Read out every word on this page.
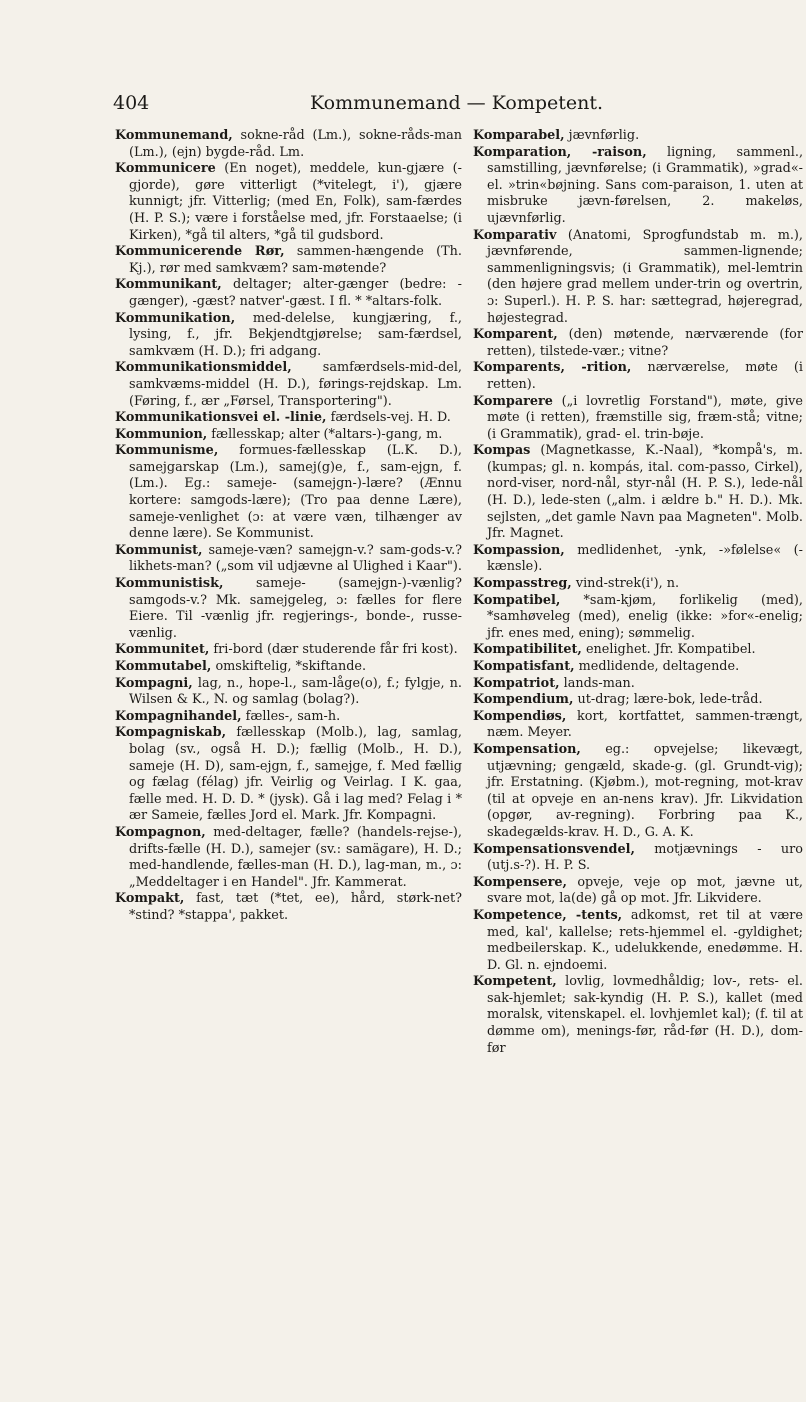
404	Kommunemand — Kompetent.

Kommunemand, sokne-råd (Lm.), sokne-råds-man (Lm.), (ejn) bygde-råd. Lm.

Kommunicere (En noget), meddele, kun-gjære (-gjorde), gøre vitterligt (*vitelegt, i'), gjære kunnigt; jfr. Vitterlig; (med En, Folk), sam-færdes (H. P. S.); være i forståelse med, jfr. Forstaaelse; (i Kirken), *gå til alters, *gå til gudsbord.

Kommunicerende Rør, sammen-hængende (Th. Kj.), rør med samkvæm? sam-møtende?

Kommunikant, deltager; alter-gænger (bedre: -gænger), -gæst? natver'-gæst. I fl. * *altars-folk.

Kommunikation, med-delelse, kungjæring, f., lysing, f., jfr. Bekjendtgjørelse; sam-færdsel, samkvæm (H. D.); fri adgang.

Kommunikationsmiddel, samfærdsels-mid-del, samkvæms-middel (H. D.), førings-rejdskap. Lm. (Føring, f., ær „Førsel, Transportering").

Kommunikationsvei el. -linie, færdsels-vej. H. D.

Kommunion, fællesskap; alter (*altars-)-gang, m.

Kommunisme, formues-fællesskap (L.K. D.), samejgarskap (Lm.), samej(g)e, f., sam-ejgn, f. (Lm.). Eg.: sameje- (samejgn-)-lære? (Ænnu kortere: samgods-lære); (Tro paa denne Lære), sameje-venlighet (ɔ: at være væn, tilhænger av denne lære). Se Kommunist.

Kommunist, sameje-væn? samejgn-v.? sam-gods-v.? likhets-man? („som vil udjævne al Ulighed i Kaar").

Kommunistisk, sameje- (samejgn-)-vænlig? samgods-v.? Mk. samejgeleg, ɔ: fælles for flere Eiere. Til -vænlig jfr. regjerings-, bonde-, russe-vænlig.

Kommunitet, fri-bord (dær studerende får fri kost).

Kommutabel, omskiftelig, *skiftande.

Kompagni, lag, n., hope-l., sam-låge(o), f.; fylgje, n. Wilsen & K., N. og samlag (bolag?).

Kompagnihandel, fælles-, sam-h.

Kompagniskab, fællesskap (Molb.), lag, samlag, bolag (sv., også H. D.); fællig (Molb., H. D.), sameje (H. D), sam-ejgn, f., samejge, f. Med fællig og fælag (félag) jfr. Veirlig og Veirlag. I K. gaa, fælle med. H. D. D. * (jysk). Gå i lag med? Felag i * ær Sameie, fælles Jord el. Mark. Jfr. Kompagni.

Kompagnon, med-deltager, fælle? (handels-rejse-), drifts-fælle (H. D.), samejer (sv.: samägare), H. D.; med-handlende, fælles-man (H. D.), lag-man, m., ɔ: „Meddeltager i en Handel". Jfr. Kammerat.

Kompakt, fast, tæt (*tet, ee), hård, størk-net? *stind? *stappa', pakket.

Komparabel, jævnførlig.

Komparation, -raison, ligning, sammenl., samstilling, jævnførelse; (i Grammatik), »grad«- el. »trin«bøjning. Sans com-paraison, 1. uten at misbruke jævn-førelsen, 2. makeløs, ujævnførlig.

Komparativ (Anatomi, Sprogfundstab m. m.), jævnførende, sammen-lignende; sammenligningsvis; (i Grammatik), mel-lemtrin (den højere grad mellem under-trin og overtrin, ɔ: Superl.). H. P. S. har: sættegrad, højeregrad, højestegrad.

Komparent, (den) møtende, nærværende (for retten), tilstede-vær.; vitne?

Komparents, -rition, nærværelse, møte (i retten).

Komparere („i lovretlig Forstand"), møte, give møte (i retten), fræmstille sig, fræm-stå; vitne; (i Grammatik), grad- el. trin-bøje.

Kompas (Magnetkasse, K.-Naal), *kompå's, m. (kumpas; gl. n. kompás, ital. com-passo, Cirkel), nord-viser, nord-nål, styr-nål (H. P. S.), lede-nål (H. D.), lede-sten („alm. i ældre b." H. D.). Mk. sejlsten, „det gamle Navn paa Magneten". Molb. Jfr. Magnet.

Kompassion, medlidenhet, -ynk, -»følelse« (-kænsle).

Kompasstreg, vind-strek(i'), n.

Kompatibel, *sam-kjøm, forlikelig (med), *samhøveleg (med), enelig (ikke: »for«-enelig; jfr. enes med, ening); sømmelig.

Kompatibilitet, enelighet. Jfr. Kompatibel.

Kompatisfant, medlidende, deltagende.

Kompatriot, lands-man.

Kompendium, ut-drag; lære-bok, lede-tråd.

Kompendiøs, kort, kortfattet, sammen-trængt, næm. Meyer.

Kompensation, eg.: opvejelse; likevægt, utjævning; gengæld, skade-g. (gl. Grundt-vig); jfr. Erstatning. (Kjøbm.), mot-regning, mot-krav (til at opveje en an-nens krav). Jfr. Likvidation (opgør, av-regning). Forbring paa K., skadegælds-krav. H. D., G. A. K.

Kompensationsvendel, motjævnings - uro (utj.s-?). H. P. S.

Kompensere, opveje, veje op mot, jævne ut, svare mot, la(de) gå op mot. Jfr. Likvidere.

Kompetence, -tents, adkomst, ret til at være med, kal', kallelse; rets-hjemmel el. -gyldighet; medbeilerskap. K., udelukkende, enedømme. H. D. Gl. n. ejndoemi.

Kompetent, lovlig, lovmedhåldig; lov-, rets- el. sak-hjemlet; sak-kyndig (H. P. S.), kallet (med moralsk, vitenskapel. el. lovhjemlet kal); (f. til at dømme om), menings-før, råd-før (H. D.), dom-før
